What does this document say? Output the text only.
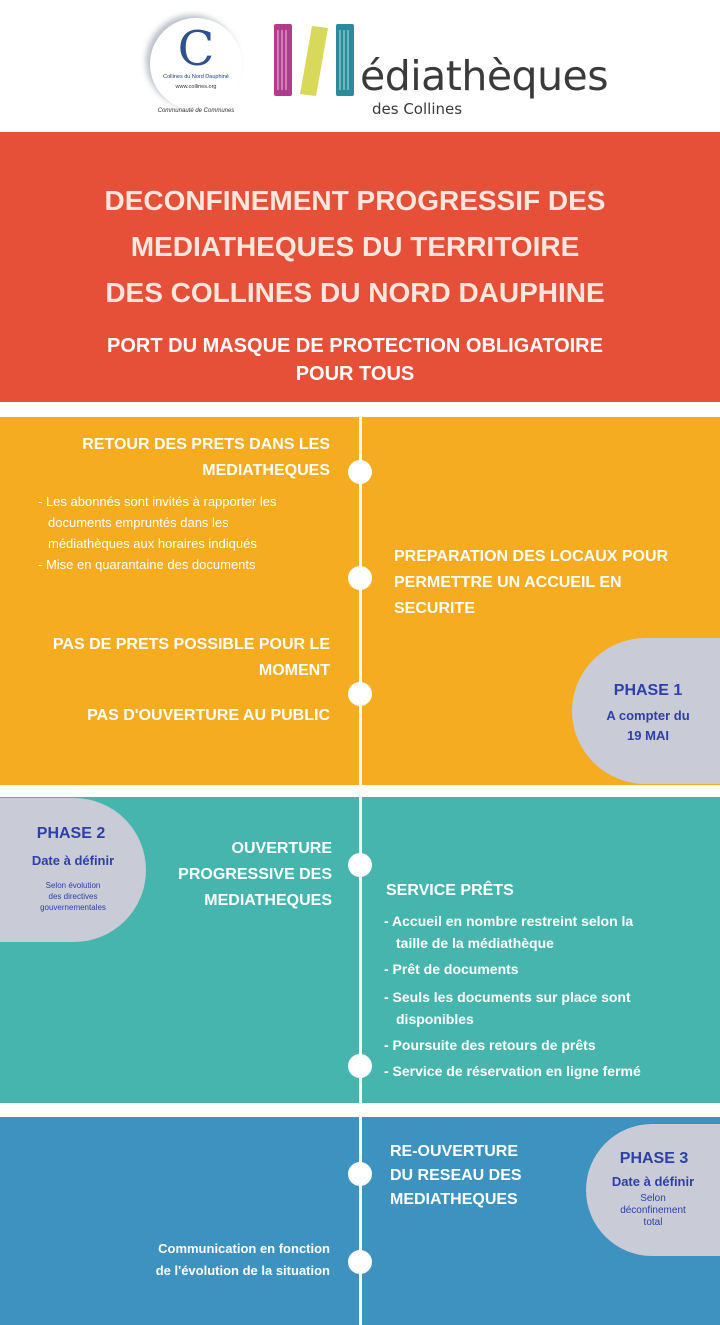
C
Collines du Nord Dauphiné
www.collines.org
Communauté de Communes
édiathèques
des Collines
DECONFINEMENT PROGRESSIF DES
MEDIATHEQUES DU TERRITOIRE
DES COLLINES DU NORD DAUPHINE
PORT DU MASQUE DE PROTECTION OBLIGATOIRE
POUR TOUS
RETOUR DES PRETS DANS LES
MEDIATHEQUES
- Les abonnés sont invités à rapporter les
documents empruntés dans les
médiathèques aux horaires indiqués
- Mise en quarantaine des documents
PAS DE PRETS POSSIBLE POUR LE
MOMENT
PAS D'OUVERTURE AU PUBLIC
PREPARATION DES LOCAUX POUR
PERMETTRE UN ACCUEIL EN
SECURITE
PHASE 1
A compter du
19 MAI
PHASE 2
Date à définir
Selon évolution
des directives
gouvernementales
OUVERTURE
PROGRESSIVE DES
MEDIATHEQUES
SERVICE PRÊTS
- Accueil en nombre restreint selon la
taille de la médiathèque
- Prêt de documents
- Seuls les documents sur place sont
disponibles
- Poursuite des retours de prêts
- Service de réservation en ligne fermé
RE-OUVERTURE
DU RESEAU DES
MEDIATHEQUES
Communication en fonction
de l'évolution de la situation
PHASE 3
Date à définir
Selon
déconfinement
total
